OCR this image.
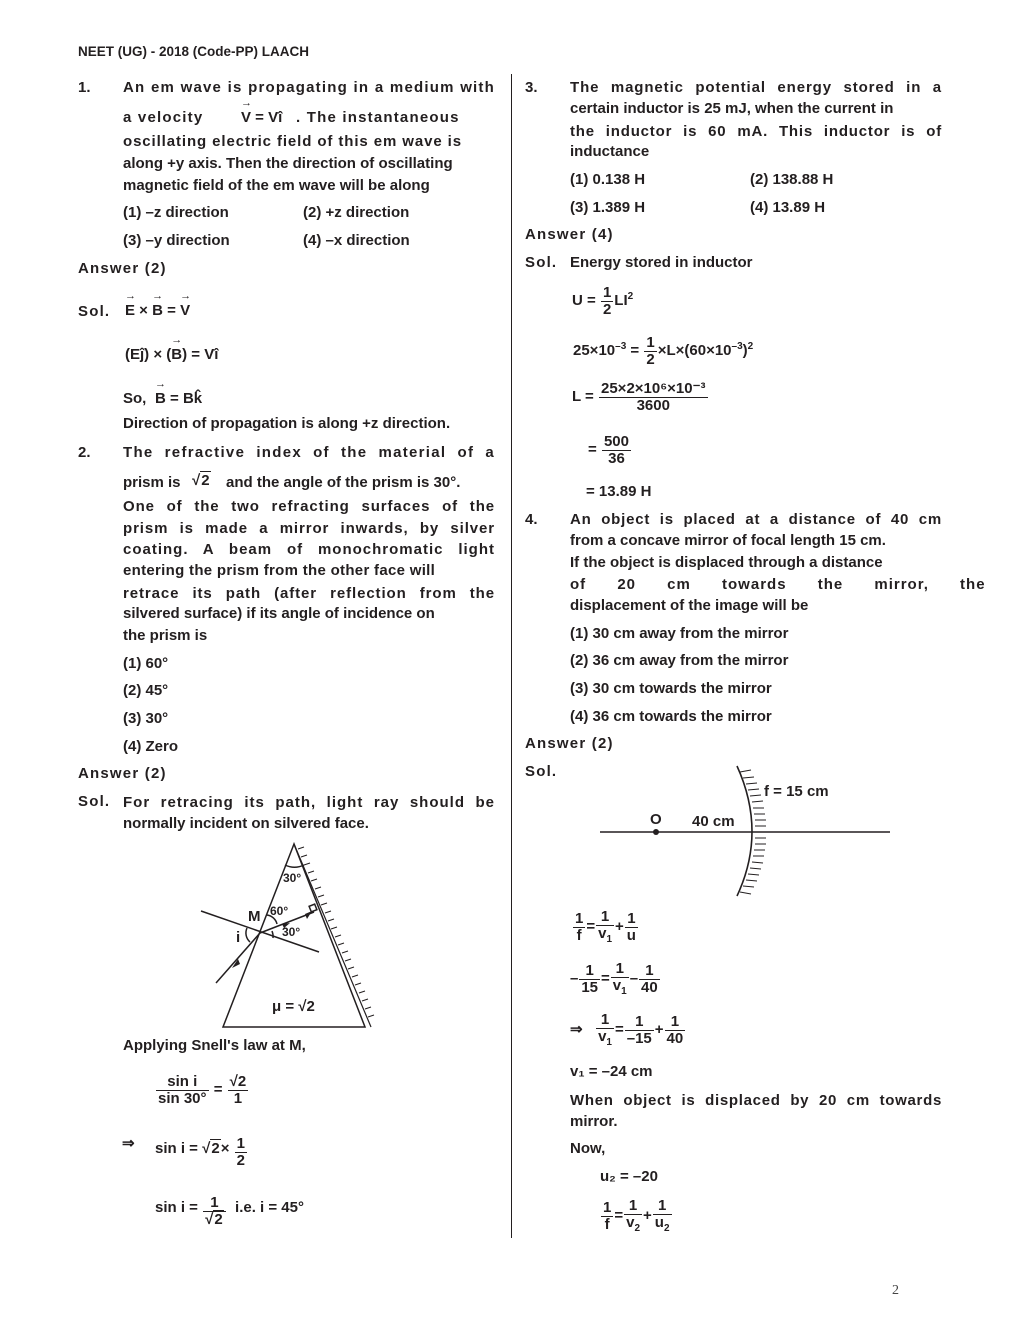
NEET (UG) - 2018 (Code-PP) LAACH
1. An em wave is propagating in a medium with
a velocity	→ V = Vî . The instantaneous
oscillating electric field of this em wave is
along +y axis. Then the direction of oscillating
magnetic field of the em wave will be along
(1) –z direction	(2) +z direction
(3) –y direction	(4) –x direction
Answer (2)
Sol. → E × → B = → V
(Eĵ) × (→ B) = Vî
So, → B = Bk̂
Direction of propagation is along +z direction.
2. The refractive index of the material of a
prism is √2 and the angle of the prism is 30°.
One of the two refracting surfaces of the
prism is made a mirror inwards, by silver
coating. A beam of monochromatic light
entering the prism from the other face will
retrace its path (after reflection from the
silvered surface) if its angle of incidence on
the prism is
(1) 60°
(2) 45°
(3) 30°
(4) Zero
Answer (2)
Sol. For retracing its path, light ray should be
normally incident on silvered face.
30°
60°
30°
M
i
μ = √2
Applying Snell's law at M,
$\frac{\text{sin i}}{\sin 30^\circ} = \frac{√2}{1}$
⇒ $\sin i = √2\times \frac{1}{2}$
$\sin i = \frac{1}{√2} i.e$. i = 45°
3. The magnetic potential energy stored in a
certain inductor is 25 mJ, when the current in
the inductor is 60 mA. This inductor is of
inductance
(1) 0.138 H	(2) 138.88 H
(3) 1.389 H	(4) 13.89 H
Answer (4)
Sol. Energy stored in inductor
$U = \frac{1}{2} LI^2$
$25\times 10^{-3} = \frac{1}{2} \times L\times(60\times 10^{-3})^2$
$L = \frac{\text{25×2×10⁶×10⁻³}}{3600}$
= $\frac{500}{36}$
= 13.89 H
4. An object is placed at a distance of 40 cm
from a concave mirror of focal length 15 cm.
If the object is displaced through a distance
of 20 cm towards the mirror, the
displacement of the image will be
(1) 30 cm away from the mirror
(2) 36 cm away from the mirror
(3) 30 cm towards the mirror
(4) 36 cm towards the mirror
Answer (2)
Sol.
O 40 cm
f = 15 cm
$\frac{1}{f} = \frac{1}{v_1} + \frac{1}{u}$
– $\frac{1}{15} = \frac{1}{v_1} - \frac{1}{40}$
⇒ $\frac{1}{v_1} = \frac{1}{-15} + \frac{1}{40}$
v₁ = –24 cm
When object is displaced by 20 cm towards
mirror.
Now,
u₂ = –20
$\frac{1}{f} = \frac{1}{v_2} + \frac{1}{u_2}$
2
